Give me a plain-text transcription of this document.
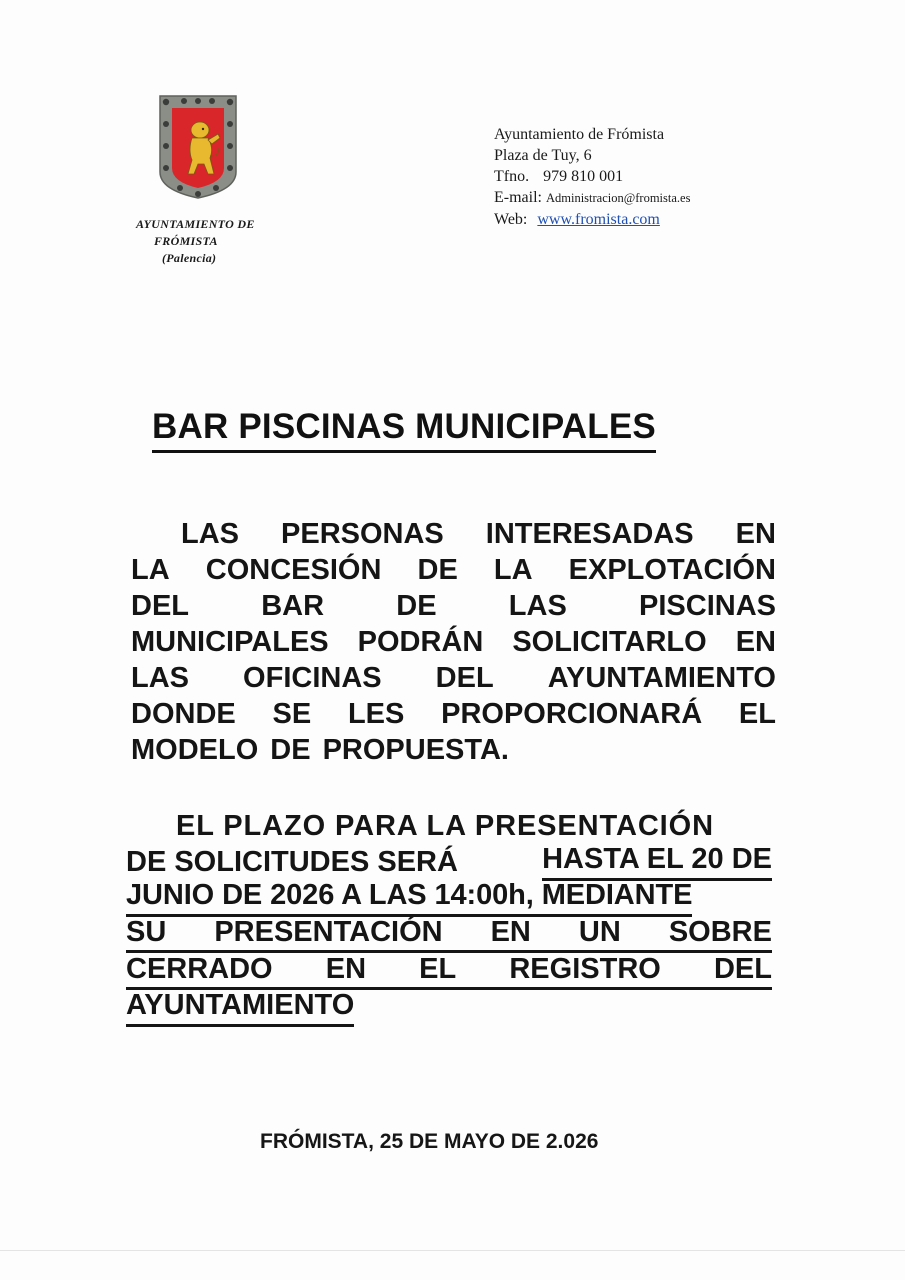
AYUNTAMIENTO DE
FRÓMISTA
(Palencia)
Ayuntamiento de Frómista
Plaza de Tuy, 6
Tfno. 979 810 001
E-mail: Administracion@fromista.es
Web: www.fromista.com
BAR PISCINAS MUNICIPALES
LAS PERSONAS INTERESADAS EN
LA CONCESIÓN DE LA EXPLOTACIÓN
DEL BAR DE LAS PISCINAS
MUNICIPALES PODRÁN SOLICITARLO EN
LAS OFICINAS DEL AYUNTAMIENTO
DONDE SE LES PROPORCIONARÁ EL
MODELO DE PROPUESTA.
EL PLAZO PARA LA PRESENTACIÓN
DE SOLICITUDES SERÁ	HASTA EL 20 DE
JUNIO DE 2026 A LAS 14:00h, MEDIANTE
SU PRESENTACIÓN EN UN SOBRE
CERRADO EN EL REGISTRO DEL
AYUNTAMIENTO
FRÓMISTA, 25 DE MAYO DE 2.026
